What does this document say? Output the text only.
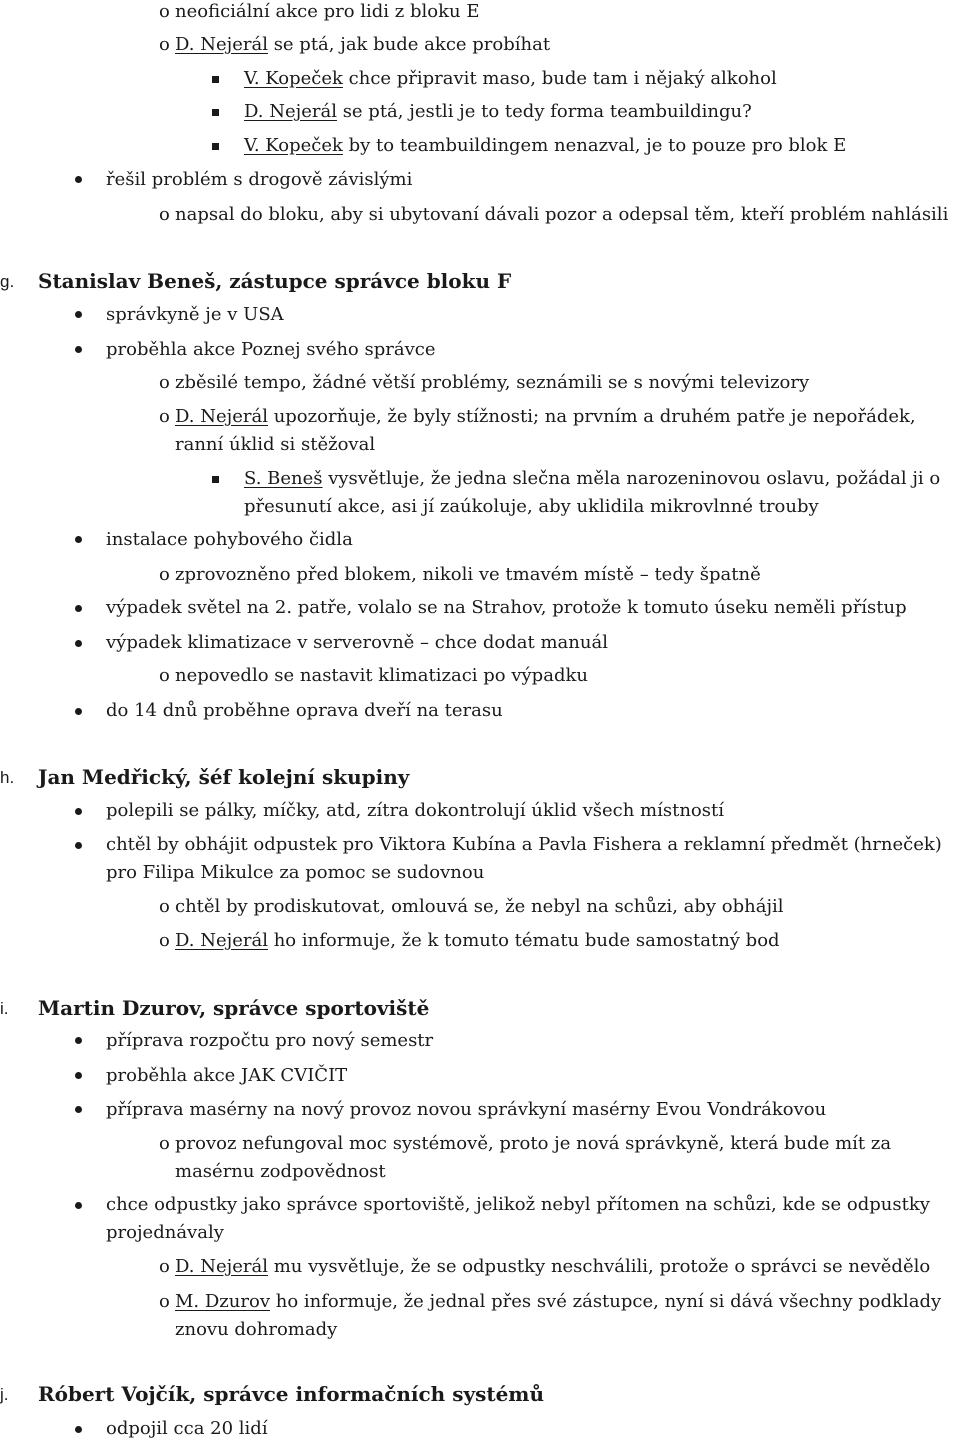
o neoficiální akce pro lidi z bloku E
o D. Nejerál se ptá, jak bude akce probíhat
V. Kopeček chce připravit maso, bude tam i nějaký alkohol
D. Nejerál se ptá, jestli je to tedy forma teambuildingu?
V. Kopeček by to teambuildingem nenazval, je to pouze pro blok E
řešil problém s drogově závislými
o napsal do bloku, aby si ubytovaní dávali pozor a odepsal těm, kteří problém nahlásili
g. Stanislav Beneš, zástupce správce bloku F
správkyně je v USA
proběhla akce Poznej svého správce
o zběsilé tempo, žádné větší problémy, seznámili se s novými televizory
o D. Nejerál upozorňuje, že byly stížnosti; na prvním a druhém patře je nepořádek,
ranní úklid si stěžoval
S. Beneš vysvětluje, že jedna slečna měla narozeninovou oslavu, požádal ji o
přesunutí akce, asi jí zaúkoluje, aby uklidila mikrovlnné trouby
instalace pohybového čidla
o zprovozněno před blokem, nikoli ve tmavém místě – tedy špatně
výpadek světel na 2. patře, volalo se na Strahov, protože k tomuto úseku neměli přístup
výpadek klimatizace v serverovně – chce dodat manuál
o nepovedlo se nastavit klimatizaci po výpadku
do 14 dnů proběhne oprava dveří na terasu
h. Jan Medřický, šéf kolejní skupiny
polepili se pálky, míčky, atd, zítra dokontrolují úklid všech místností
chtěl by obhájit odpustek pro Viktora Kubína a Pavla Fishera a reklamní předmět (hrneček)
pro Filipa Mikulce za pomoc se sudovnou
o chtěl by prodiskutovat, omlouvá se, že nebyl na schůzi, aby obhájil
o D. Nejerál ho informuje, že k tomuto tématu bude samostatný bod
i. Martin Dzurov, správce sportoviště
příprava rozpočtu pro nový semestr
proběhla akce JAK CVIČIT
příprava masérny na nový provoz novou správkyní masérny Evou Vondrákovou
o provoz nefungoval moc systémově, proto je nová správkyně, která bude mít za
masérnu zodpovědnost
chce odpustky jako správce sportoviště, jelikož nebyl přítomen na schůzi, kde se odpustky
projednávaly
o D. Nejerál mu vysvětluje, že se odpustky neschválili, protože o správci se nevědělo
o M. Dzurov ho informuje, že jednal přes své zástupce, nyní si dává všechny podklady
znovu dohromady
j. Róbert Vojčík, správce informačních systémů
odpojil cca 20 lidí
